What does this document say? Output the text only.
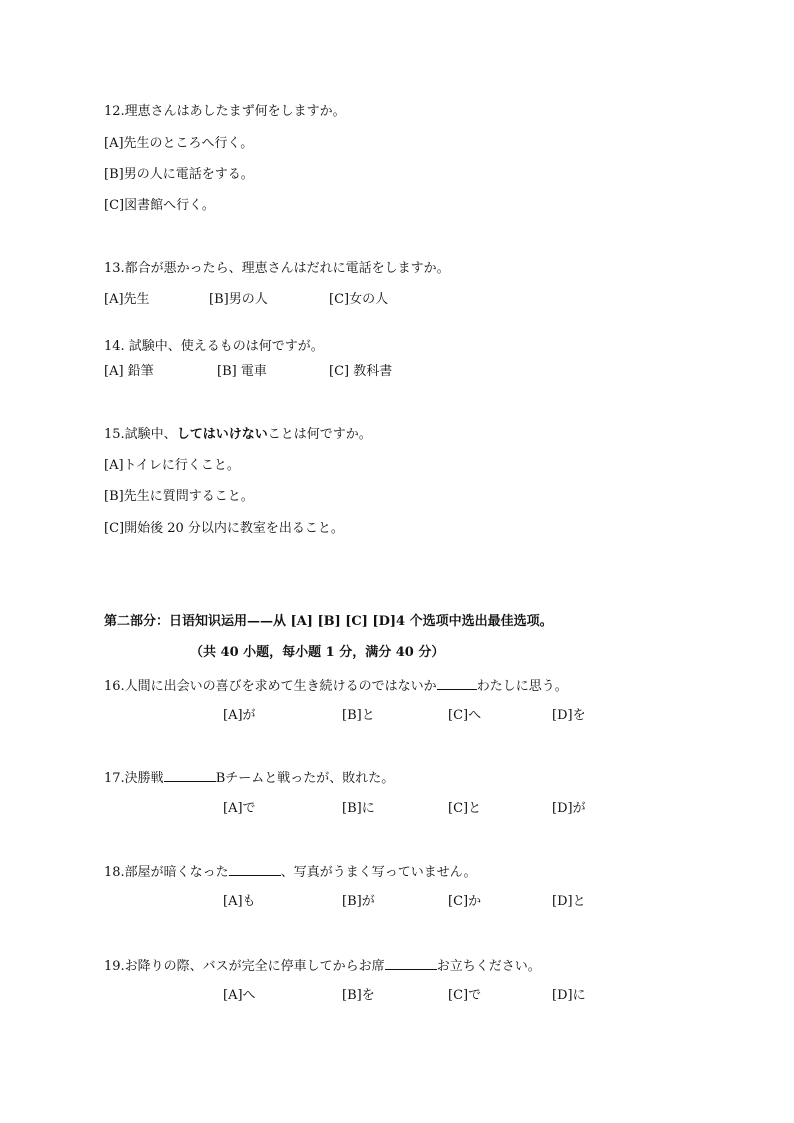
12.理恵さんはあしたまず何をしますか。
[A]先生のところへ行く。
[B]男の人に電話をする。
[C]図書館へ行く。
13.都合が悪かったら、理恵さんはだれに電話をしますか。
[A]先生	[B]男の人	[C]女の人
14. 試験中、使えるものは何ですが。
[A] 鉛筆	[B] 電車	[C] 教科書
15.試験中、してはいけないことは何ですか。
[A]トイレに行くこと。
[B]先生に質問すること。
[C]開始後 20 分以内に教室を出ること。
第二部分：日语知识运用——从 [A] [B] [C] [D]4 个选项中选出最佳选项。
（共 40 小题，每小题 1 分，满分 40 分）
16.人間に出会いの喜びを求めて生き続けるのではないか	わたしに思う。
[A]が	[B]と	[C]へ	[D]を
17.決勝戦	Bチームと戦ったが、敗れた。
[A]で	[B]に	[C]と	[D]が
18.部屋が暗くなった	、写真がうまく写っていません。
[A]も	[B]が	[C]か	[D]と
19.お降りの際、バスが完全に停車してからお席	お立ちください。
[A]へ	[B]を	[C]で	[D]に
